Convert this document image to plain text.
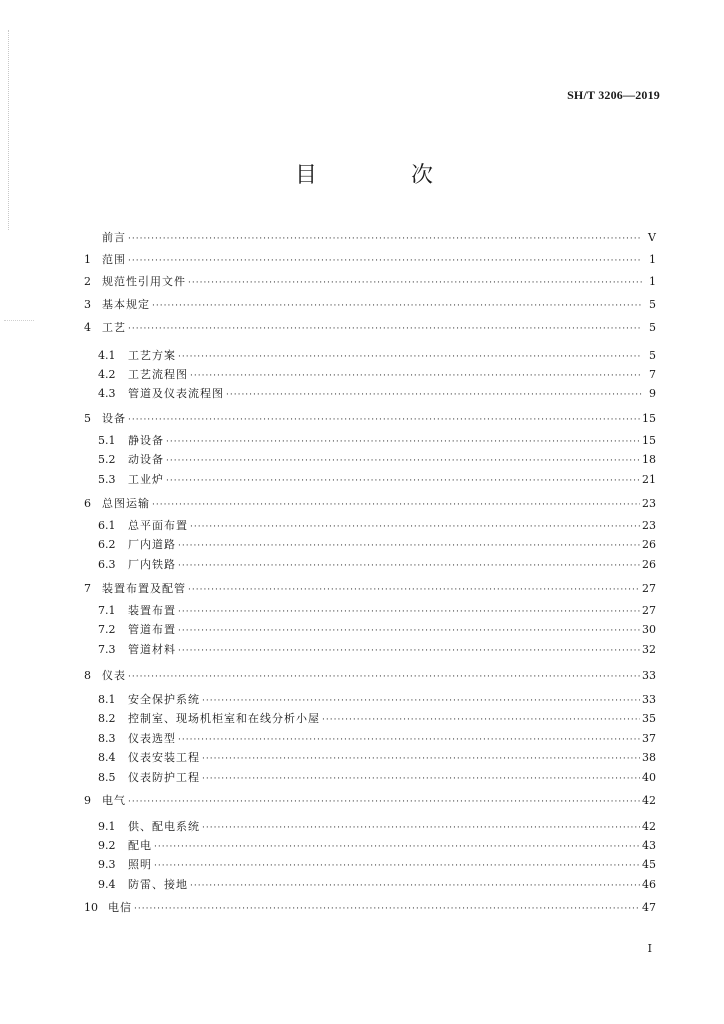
SH/T 3206—2019
目　次
前言 ·····	V
1	范围 ·····	1
2	规范性引用文件 ·····	1
3	基本规定 ·····	5
4	工艺 ·····	5
4.1	工艺方案 ·····	5
4.2	工艺流程图 ·····	7
4.3	管道及仪表流程图 ·····	9
5	设备 ·····	15
5.1	静设备 ·····	15
5.2	动设备 ·····	18
5.3	工业炉 ·····	21
6	总图运输 ·····	23
6.1	总平面布置 ·····	23
6.2	厂内道路 ·····	26
6.3	厂内铁路 ·····	26
7	装置布置及配管 ·····	27
7.1	装置布置 ·····	27
7.2	管道布置 ·····	30
7.3	管道材料 ·····	32
8	仪表 ·····	33
8.1	安全保护系统 ·····	33
8.2	控制室、现场机柜室和在线分析小屋 ·····	35
8.3	仪表选型 ·····	37
8.4	仪表安装工程 ·····	38
8.5	仪表防护工程 ·····	40
9	电气 ·····	42
9.1	供、配电系统 ·····	42
9.2	配电 ·····	43
9.3	照明 ·····	45
9.4	防雷、接地 ·····	46
10 电信 ·····	47
I
